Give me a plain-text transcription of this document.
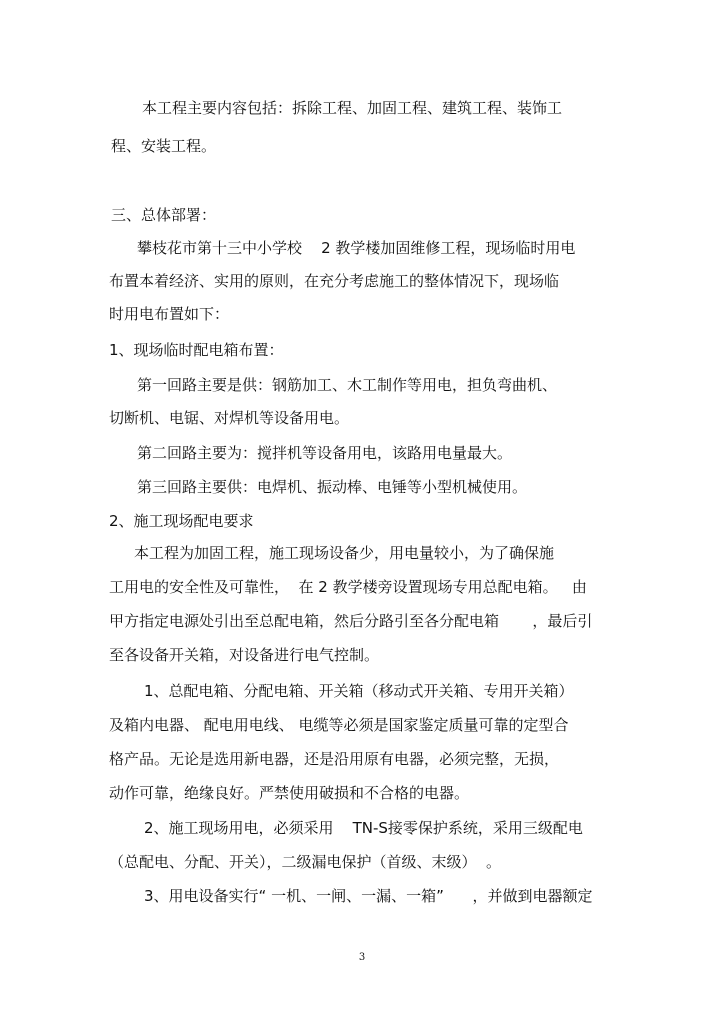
本工程主要内容包括：拆除工程、加固工程、建筑工程、装饰工

程、安装工程。

三、总体部署：

攀枝花市第十三中小学校    2 教学楼加固维修工程，现场临时用电

布置本着经济、实用的原则，在充分考虑施工的整体情况下，现场临

时用电布置如下：

1、现场临时配电箱布置：

第一回路主要是供：钢筋加工、木工制作等用电，担负弯曲机、

切断机、电锯、对焊机等设备用电。

第二回路主要为：搅拌机等设备用电，该路用电量最大。

第三回路主要供：电焊机、振动棒、电锤等小型机械使用。

2、施工现场配电要求

本工程为加固工程，施工现场设备少，用电量较小，为了确保施

工用电的安全性及可靠性，  在 2 教学楼旁设置现场专用总配电箱。   由

甲方指定电源处引出至总配电箱，然后分路引至各分配电箱       ，最后引

至各设备开关箱，对设备进行电气控制。

1、总配电箱、分配电箱、开关箱（移动式开关箱、专用开关箱）

及箱内电器、 配电用电线、 电缆等必须是国家鉴定质量可靠的定型合

格产品。无论是选用新电器，还是沿用原有电器，必须完整，无损，

动作可靠，绝缘良好。严禁使用破损和不合格的电器。

2、施工现场用电，必须采用    TN-S接零保护系统，采用三级配电

（总配电、分配、开关），二级漏电保护（首级、末级）  。

3、用电设备实行“ 一机、一闸、一漏、一箱”      ，并做到电器额定

3
